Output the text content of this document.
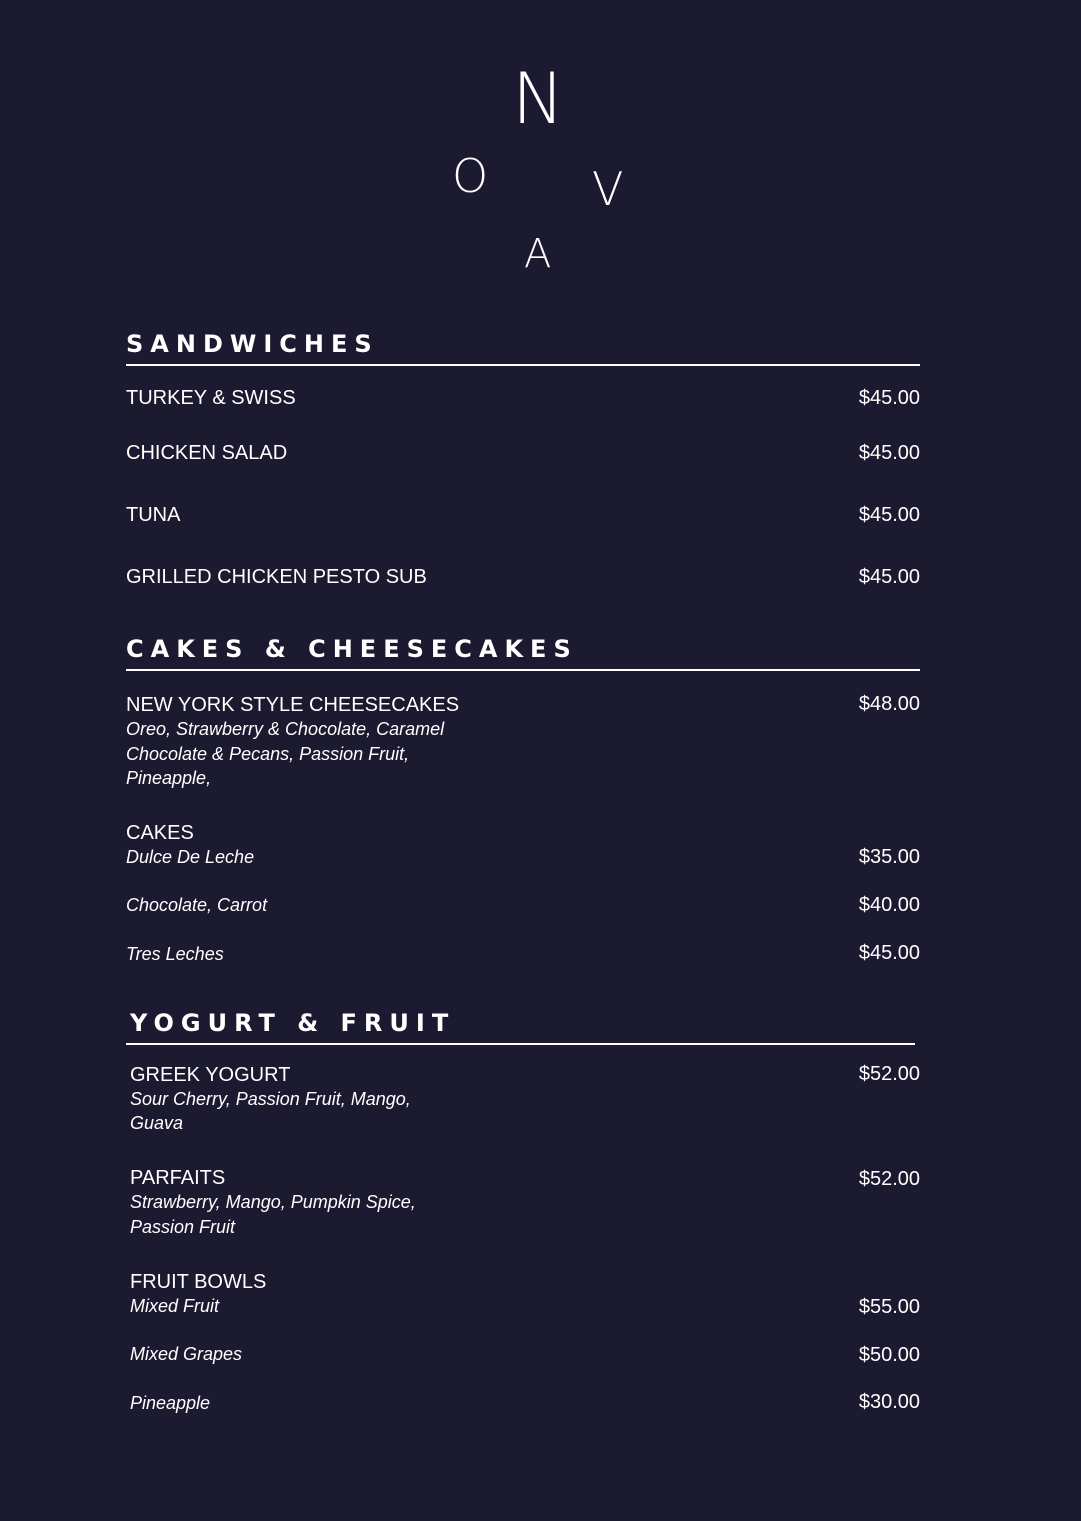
N
O V
A
SANDWICHES
TURKEY & SWISS	$45.00
CHICKEN SALAD	$45.00
TUNA	$45.00
GRILLED CHICKEN PESTO SUB	$45.00
CAKES & CHEESECAKES
NEW YORK STYLE CHEESECAKES	$48.00
Oreo, Strawberry & Chocolate, Caramel
Chocolate & Pecans, Passion Fruit,
Pineapple,
CAKES
Dulce De Leche	$35.00
Chocolate, Carrot	$40.00
Tres Leches	$45.00
YOGURT & FRUIT
GREEK YOGURT	$52.00
Sour Cherry, Passion Fruit, Mango,
Guava
PARFAITS	$52.00
Strawberry, Mango, Pumpkin Spice,
Passion Fruit
FRUIT BOWLS
Mixed Fruit	$55.00
Mixed Grapes	$50.00
Pineapple	$30.00
